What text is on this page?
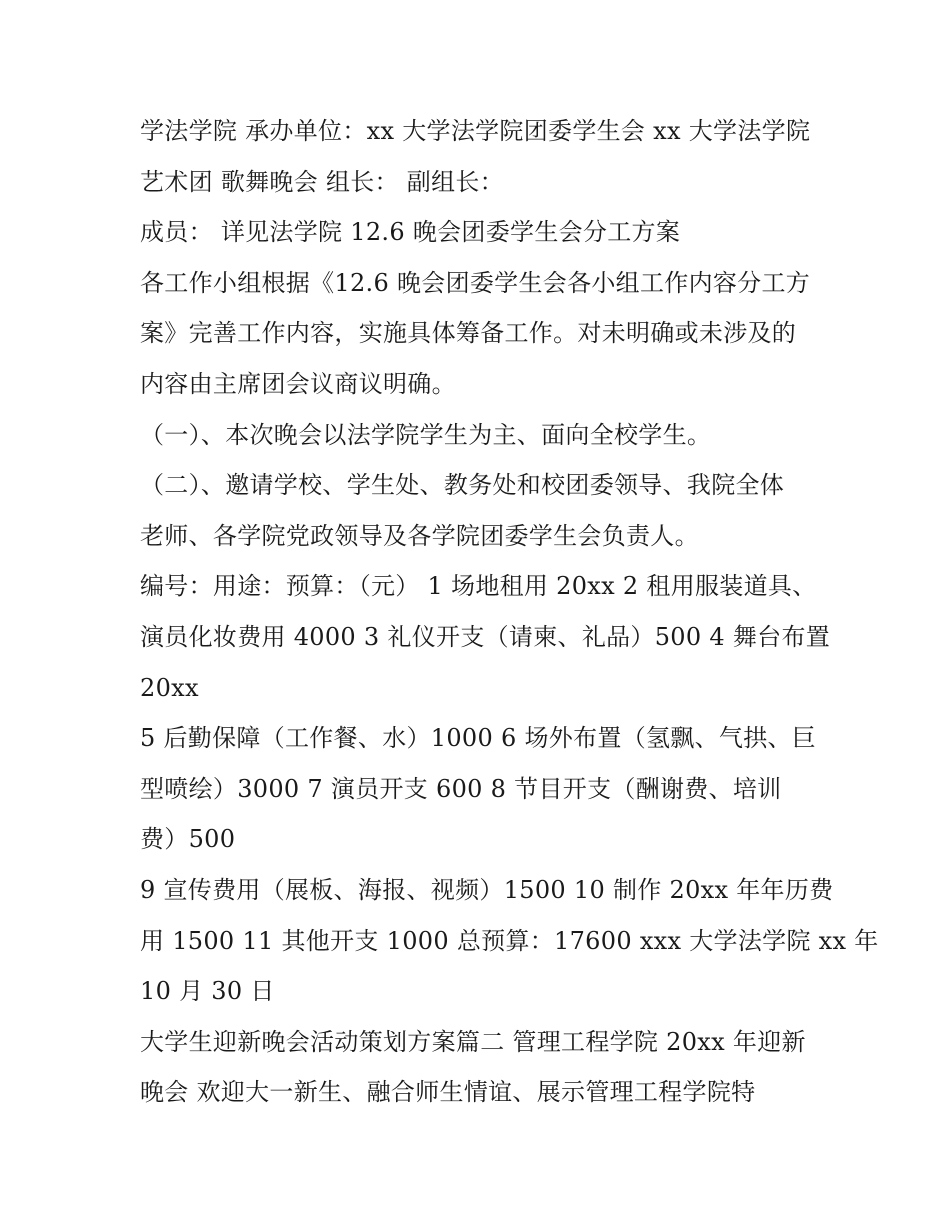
学法学院 承办单位：xx 大学法学院团委学生会 xx 大学法学院
艺术团 歌舞晚会 组长： 副组长：
成员： 详见法学院 12.6 晚会团委学生会分工方案
各工作小组根据《12.6 晚会团委学生会各小组工作内容分工方
案》完善工作内容，实施具体筹备工作。对未明确或未涉及的
内容由主席团会议商议明确。
（一）、本次晚会以法学院学生为主、面向全校学生。
（二）、邀请学校、学生处、教务处和校团委领导、我院全体
老师、各学院党政领导及各学院团委学生会负责人。
编号：用途：预算：（元） 1 场地租用 20xx 2 租用服装道具、
演员化妆费用 4000 3 礼仪开支（请柬、礼品）500 4 舞台布置
20xx
5 后勤保障（工作餐、水）1000 6 场外布置（氢飘、气拱、巨
型喷绘）3000 7 演员开支 600 8 节目开支（酬谢费、培训
费）500
9 宣传费用（展板、海报、视频）1500 10 制作 20xx 年年历费
用 1500 11 其他开支 1000 总预算：17600 xxx 大学法学院 xx 年
10 月 30 日
大学生迎新晚会活动策划方案篇二 管理工程学院 20xx 年迎新
晚会 欢迎大一新生、融合师生情谊、展示管理工程学院特
